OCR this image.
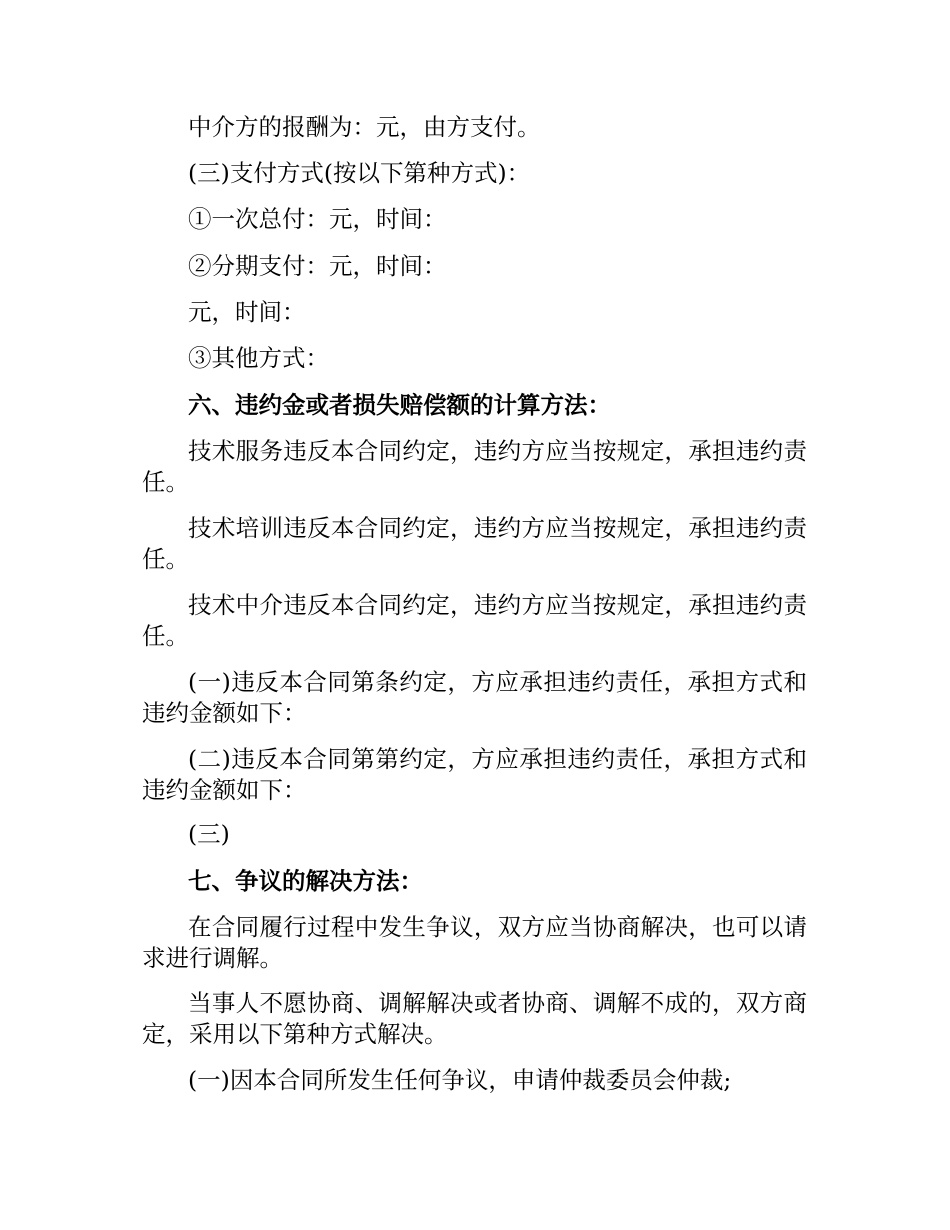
中介方的报酬为：元，由方支付。

(三)支付方式(按以下第种方式)：

①一次总付：元，时间：

②分期支付：元，时间：

元，时间：

③其他方式：

六、违约金或者损失赔偿额的计算方法：

技术服务违反本合同约定，违约方应当按规定，承担违约责任。

技术培训违反本合同约定，违约方应当按规定，承担违约责任。

技术中介违反本合同约定，违约方应当按规定，承担违约责任。

(一)违反本合同第条约定，方应承担违约责任，承担方式和违约金额如下：

(二)违反本合同第第约定，方应承担违约责任，承担方式和违约金额如下：

(三)

七、争议的解决方法：

在合同履行过程中发生争议，双方应当协商解决，也可以请求进行调解。

当事人不愿协商、调解解决或者协商、调解不成的，双方商定，采用以下第种方式解决。

(一)因本合同所发生任何争议，申请仲裁委员会仲裁;
